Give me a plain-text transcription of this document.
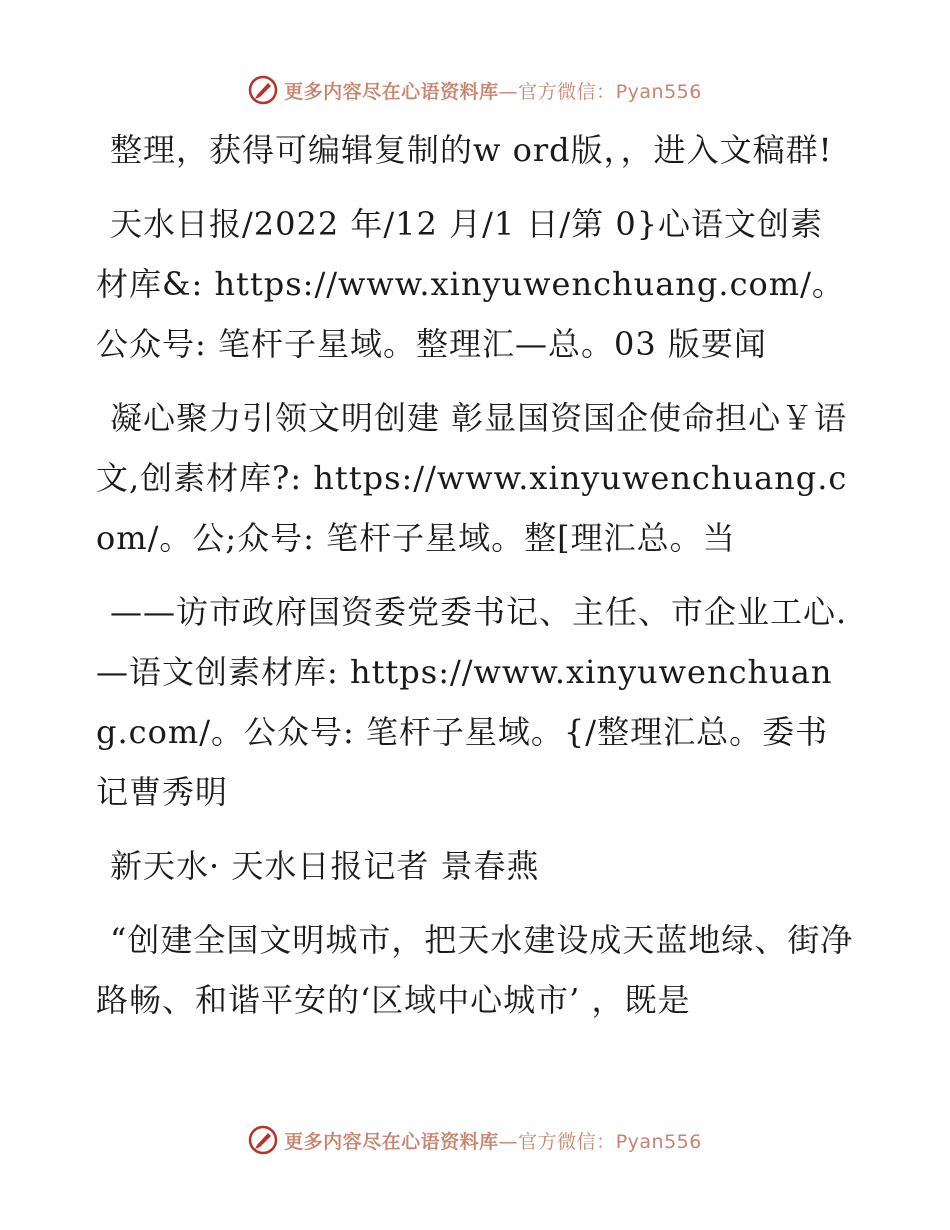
更多内容尽在心语资料库—官方微信：Pyan556

整理，获得可编辑复制的w ord版，，进入文稿群!

天水日报/2022 年/12 月/1 日/第 0}心语文创素材库&: https://www.xinyuwenchuang.com/。公众号: 笔杆子星域。整理汇—总。03 版要闻

凝心聚力引领文明创建 彰显国资国企使命担心￥语文,创素材库?: https://www.xinyuwenchuang.com/。公;众号: 笔杆子星域。整[理汇总。当

——访市政府国资委党委书记、主任、市企业工心.—语文创素材库: https://www.xinyuwenchuang.com/。公众号: 笔杆子星域。{/整理汇总。委书记曹秀明

新天水· 天水日报记者 景春燕

“创建全国文明城市，把天水建设成天蓝地绿、街净路畅、和谐平安的‘区域中心城市’ ，既是

更多内容尽在心语资料库—官方微信：Pyan556
